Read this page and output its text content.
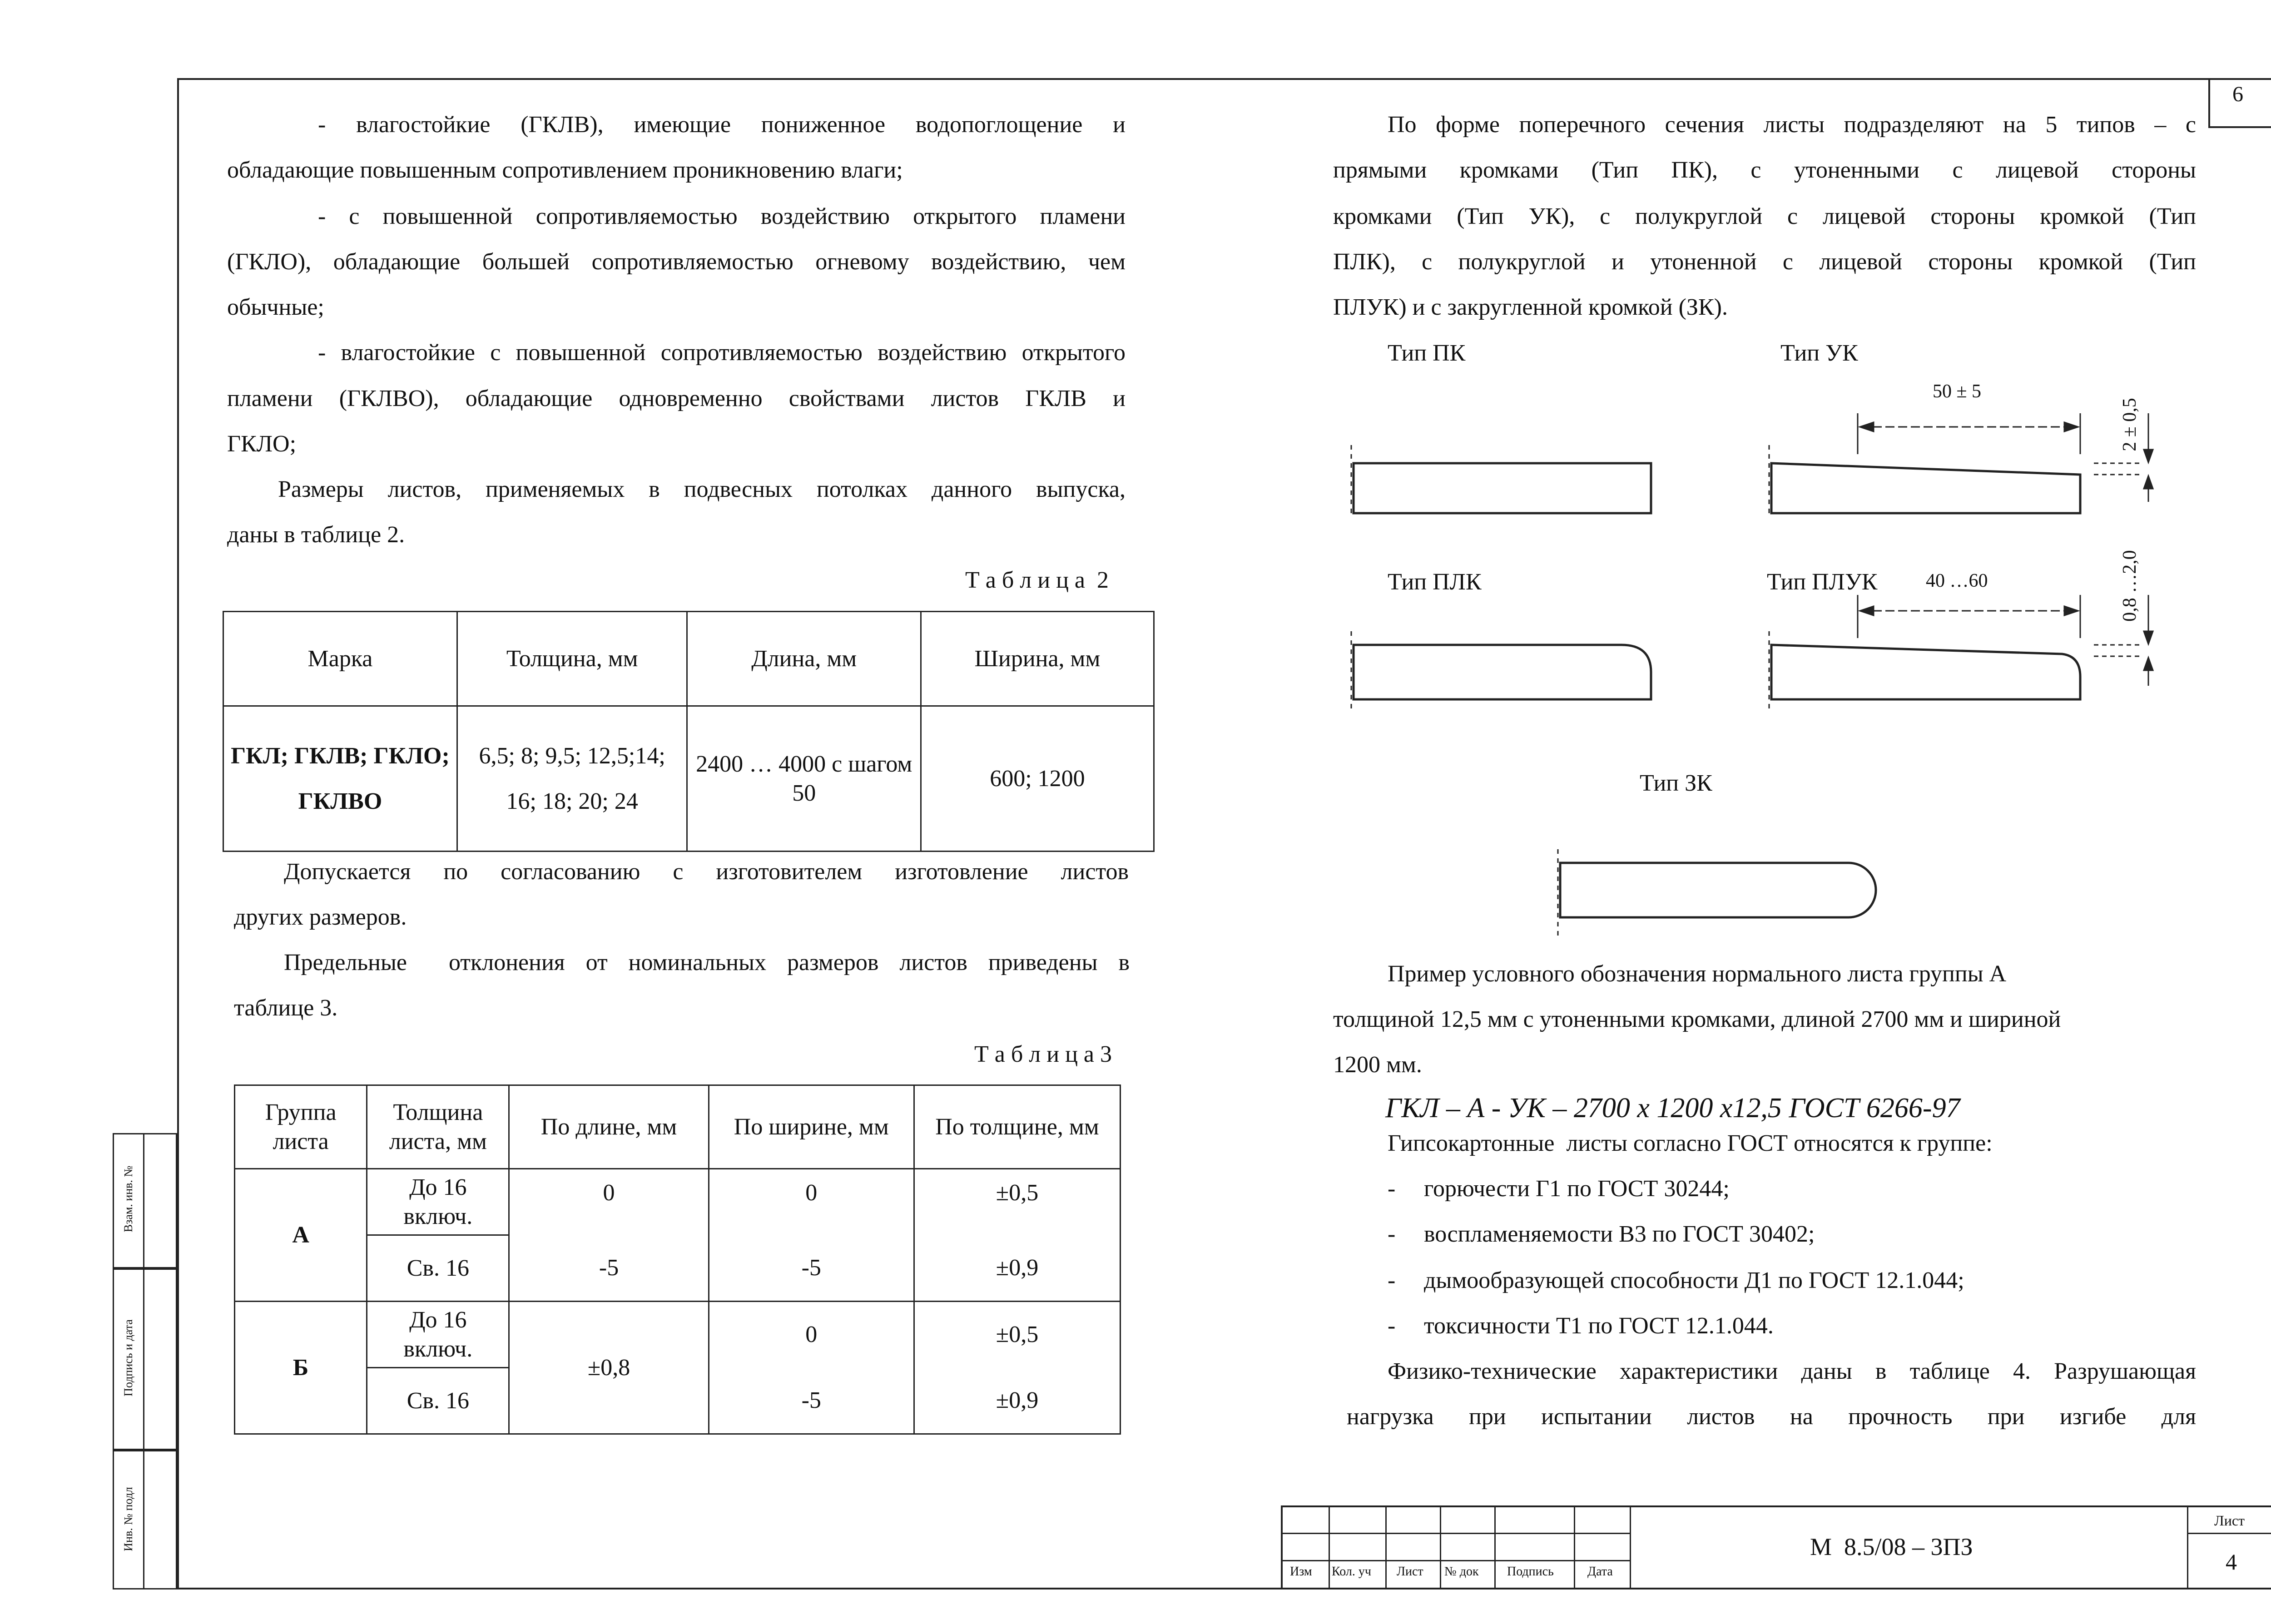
6
- влагостойкие (ГКЛВ), имеющие пониженное водопоглощение и
обладающие повышенным сопротивлением проникновению влаги;
- с повышенной сопротивляемостью воздействию открытого пламени
(ГКЛО), обладающие большей сопротивляемостью огневому воздействию, чем
обычные;
- влагостойкие с повышенной сопротивляемостью воздействию открытого
пламени (ГКЛВО), обладающие одновременно свойствами листов ГКЛВ и
ГКЛО;
Размеры листов, применяемых в подвесных потолках данного выпуска,
даны в таблице 2.
Т а б л и ц а  2
Марка	Толщина, мм	Длина, мм	Ширина, мм
ГКЛ; ГКЛВ; ГКЛО; ГКЛВО	6,5; 8; 9,5; 12,5;14; 16; 18; 20; 24	2400 … 4000 с шагом 50	600; 1200
Допускается по согласованию с изготовителем изготовление листов
других размеров.
Предельные  отклонения от номинальных размеров листов приведены в
таблице 3.
Т а б л и ц а 3
Группа листа	Толщина листа, мм	По длине, мм	По ширине, мм	По толщине, мм
А	До 16 включ.	0	0	±0,5
	Св. 16	-5	-5	±0,9
Б	До 16 включ.	±0,8	0	±0,5
	Св. 16		-5	±0,9
По форме поперечного сечения листы подразделяют на 5 типов – с
прямыми кромками (Тип ПК), с утоненными с лицевой стороны
кромками (Тип УК), с полукруглой с лицевой стороны кромкой (Тип
ПЛК), с полукруглой и утоненной с лицевой стороны кромкой (Тип
ПЛУК) и с закругленной кромкой (ЗК).
Тип ПК	Тип УК
Тип ПЛК	Тип ПЛУК
Тип ЗК
50 ± 5
40 …60
2 ± 0,5
0,8 …2,0
Пример условного обозначения нормального листа группы А
толщиной 12,5 мм с утоненными кромками, длиной 2700 мм и шириной
1200 мм.
ГКЛ – А - УК – 2700 х 1200 х12,5 ГОСТ 6266-97
Гипсокартонные  листы согласно ГОСТ относятся к группе:
- горючести Г1 по ГОСТ 30244;
- воспламеняемости В3 по ГОСТ 30402;
- дымообразующей способности Д1 по ГОСТ 12.1.044;
- токсичности Т1 по ГОСТ 12.1.044.
Физико-технические характеристики даны в таблице 4. Разрушающая
нагрузка  при  испытании  листов  на  прочность  при  изгибе  для
Взам. инв. №
Подпись и дата
Инв. № подл
Изм Кол. уч Лист № док Подпись	Дата
М  8.5/08 – 3ПЗ
Лист
4
